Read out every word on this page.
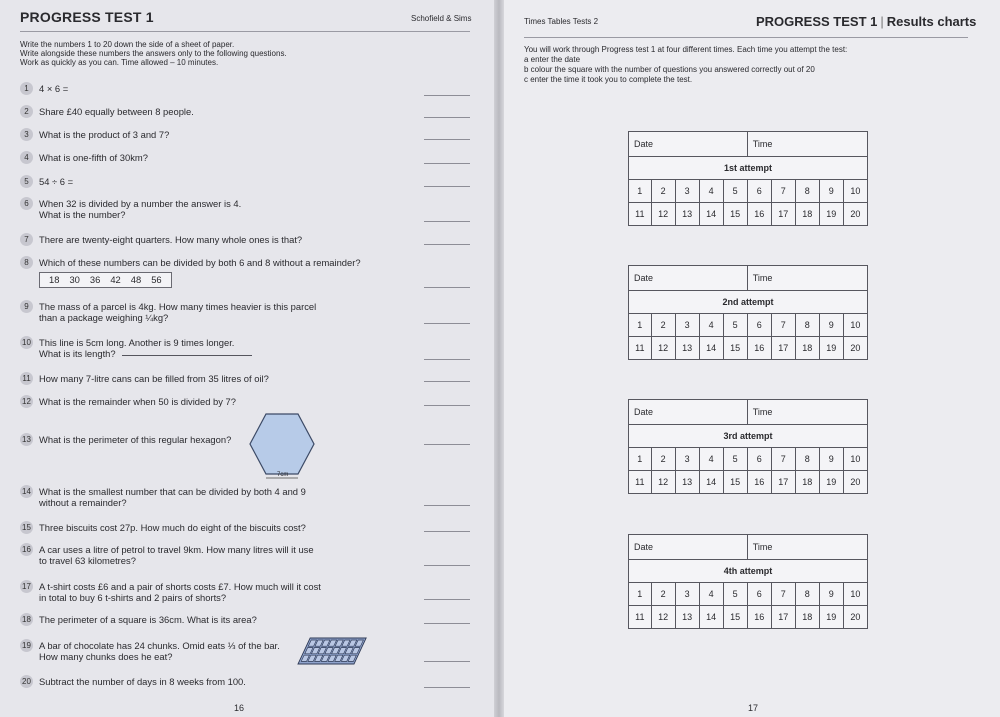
PROGRESS TEST 1	Schofield & Sims
Write the numbers 1 to 20 down the side of a sheet of paper.
Write alongside these numbers the answers only to the following questions.
Work as quickly as you can. Time allowed – 10 minutes.
1	4 × 6 =
2	Share £40 equally between 8 people.
3	What is the product of 3 and 7?
4	What is one-fifth of 30km?
5	54 ÷ 6 =
6	When 32 is divided by a number the answer is 4.
What is the number?
7	There are twenty-eight quarters. How many whole ones is that?
8	Which of these numbers can be divided by both 6 and 8 without a remainder?
9	The mass of a parcel is 4kg. How many times heavier is this parcel
than a package weighing ¼kg?
10 This line is 5cm long. Another is 9 times longer.
What is its length?
11 How many 7-litre cans can be filled from 35 litres of oil?
12 What is the remainder when 50 is divided by 7?
13 What is the perimeter of this regular hexagon?
14 What is the smallest number that can be divided by both 4 and 9
without a remainder?
15 Three biscuits cost 27p. How much do eight of the biscuits cost?
16 A car uses a litre of petrol to travel 9km. How many litres will it use
to travel 63 kilometres?
17 A t-shirt costs £6 and a pair of shorts costs £7. How much will it cost
in total to buy 6 t-shirts and 2 pairs of shorts?
18 The perimeter of a square is 36cm. What is its area?
19 A bar of chocolate has 24 chunks. Omid eats ⅓ of the bar.
How many chunks does he eat?
20 Subtract the number of days in 8 weeks from 100.
18 30 36 42 48 56
7cm
16
Times Tables Tests 2	PROGRESS TEST 1 | Results charts
You will work through Progress test 1 at four different times. Each time you attempt the test:
a enter the date
b colour the square with the number of questions you answered correctly out of 20
c enter the time it took you to complete the test.
Date					Time				
1st attempt									
1	2	3	4	5	6	7	8	9	10
11	12	13	14	15	16	17	18	19	20
Date					Time				
2nd attempt									
1	2	3	4	5	6	7	8	9	10
11	12	13	14	15	16	17	18	19	20
Date					Time				
3rd attempt									
1	2	3	4	5	6	7	8	9	10
11	12	13	14	15	16	17	18	19	20
Date					Time				
4th attempt									
1	2	3	4	5	6	7	8	9	10
11	12	13	14	15	16	17	18	19	20
17
